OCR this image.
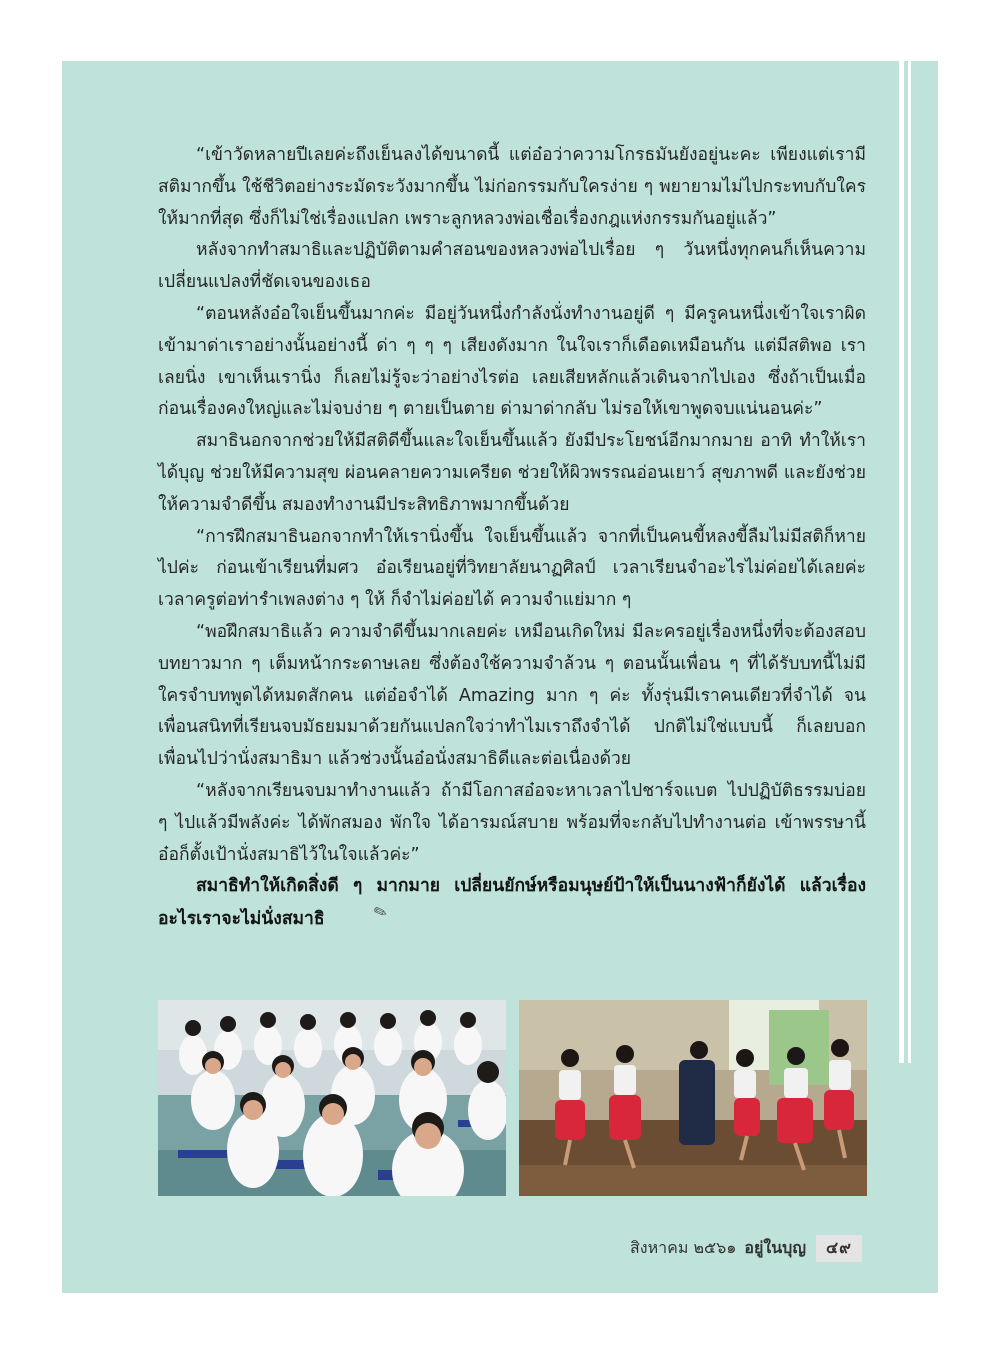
“เข้าวัดหลายปีเลยค่ะถึงเย็นลงได้ขนาดนี้ แต่อ๋อว่าความโกรธมันยังอยู่นะคะ เพียงแต่เรามีสติมากขึ้น ใช้ชีวิตอย่างระมัดระวังมากขึ้น ไม่ก่อกรรมกับใครง่าย ๆ พยายามไม่ไปกระทบกับใครให้มากที่สุด ซึ่งก็ไม่ใช่เรื่องแปลก เพราะลูกหลวงพ่อเชื่อเรื่องกฎแห่งกรรมกันอยู่แล้ว”

หลังจากทำสมาธิและปฏิบัติตามคำสอนของหลวงพ่อไปเรื่อย ๆ วันหนึ่งทุกคนก็เห็นความเปลี่ยนแปลงที่ชัดเจนของเธอ

“ตอนหลังอ๋อใจเย็นขึ้นมากค่ะ มีอยู่วันหนึ่งกำลังนั่งทำงานอยู่ดี ๆ มีครูคนหนึ่งเข้าใจเราผิด เข้ามาด่าเราอย่างนั้นอย่างนี้ ด่า ๆ ๆ ๆ เสียงดังมาก ในใจเราก็เดือดเหมือนกัน แต่มีสติพอ เราเลยนิ่ง เขาเห็นเรานิ่ง ก็เลยไม่รู้จะว่าอย่างไรต่อ เลยเสียหลักแล้วเดินจากไปเอง ซึ่งถ้าเป็นเมื่อก่อนเรื่องคงใหญ่และไม่จบง่าย ๆ ตายเป็นตาย ด่ามาด่ากลับ ไม่รอให้เขาพูดจบแน่นอนค่ะ”

สมาธินอกจากช่วยให้มีสติดีขึ้นและใจเย็นขึ้นแล้ว ยังมีประโยชน์อีกมากมาย อาทิ ทำให้เราได้บุญ ช่วยให้มีความสุข ผ่อนคลายความเครียด ช่วยให้ผิวพรรณอ่อนเยาว์ สุขภาพดี และยังช่วยให้ความจำดีขึ้น สมองทำงานมีประสิทธิภาพมากขึ้นด้วย

“การฝึกสมาธินอกจากทำให้เรานิ่งขึ้น ใจเย็นขึ้นแล้ว จากที่เป็นคนขี้หลงขี้ลืมไม่มีสติก็หายไปค่ะ ก่อนเข้าเรียนที่มศว อ๋อเรียนอยู่ที่วิทยาลัยนาฏศิลป์ เวลาเรียนจำอะไรไม่ค่อยได้เลยค่ะ เวลาครูต่อท่ารำเพลงต่าง ๆ ให้ ก็จำไม่ค่อยได้ ความจำแย่มาก ๆ

“พอฝึกสมาธิแล้ว ความจำดีขึ้นมากเลยค่ะ เหมือนเกิดใหม่ มีละครอยู่เรื่องหนึ่งที่จะต้องสอบ บทยาวมาก ๆ เต็มหน้ากระดาษเลย ซึ่งต้องใช้ความจำล้วน ๆ ตอนนั้นเพื่อน ๆ ที่ได้รับบทนี้ไม่มีใครจำบทพูดได้หมดสักคน แต่อ๋อจำได้ Amazing มาก ๆ ค่ะ ทั้งรุ่นมีเราคนเดียวที่จำได้ จนเพื่อนสนิทที่เรียนจบมัธยมมาด้วยกันแปลกใจว่าทำไมเราถึงจำได้ ปกติไม่ใช่แบบนี้ ก็เลยบอกเพื่อนไปว่านั่งสมาธิมา แล้วช่วงนั้นอ๋อนั่งสมาธิดีและต่อเนื่องด้วย

“หลังจากเรียนจบมาทำงานแล้ว ถ้ามีโอกาสอ๋อจะหาเวลาไปชาร์จแบต ไปปฏิบัติธรรมบ่อย ๆ ไปแล้วมีพลังค่ะ ได้พักสมอง พักใจ ได้อารมณ์สบาย พร้อมที่จะกลับไปทำงานต่อ เข้าพรรษานี้อ๋อก็ตั้งเป้านั่งสมาธิไว้ในใจแล้วค่ะ”

สมาธิทำให้เกิดสิ่งดี ๆ มากมาย เปลี่ยนยักษ์หรือมนุษย์ป้าให้เป็นนางฟ้าก็ยังได้ แล้วเรื่องอะไรเราจะไม่นั่งสมาธิ	✎

สิงหาคม ๒๕๖๑ อยู่ในบุญ	๔๙
